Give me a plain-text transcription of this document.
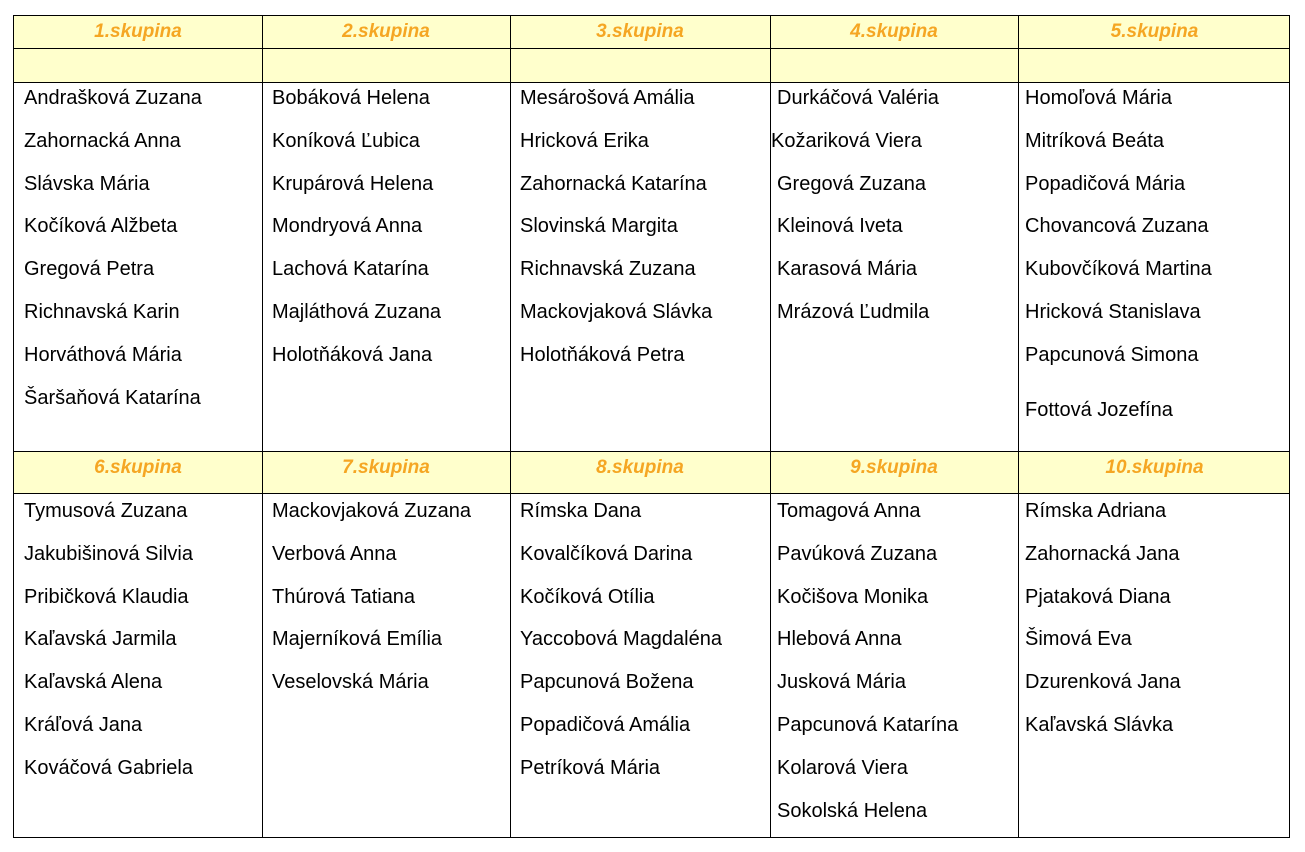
1.skupina
Andrašková Zuzana
Zahornacká Anna
Slávska Mária
Kočíková Alžbeta
Gregová Petra
Richnavská Karin
Horváthová Mária
Šaršaňová Katarína
2.skupina
Bobáková Helena
Koníková Ľubica
Krupárová Helena
Mondryová Anna
Lachová Katarína
Majláthová Zuzana
Holotňáková Jana
3.skupina
Mesárošová Amália
Hricková Erika
Zahornacká Katarína
Slovinská Margita
Richnavská Zuzana
Mackovjaková Slávka
Holotňáková Petra
4.skupina
Durkáčová Valéria
Kožariková Viera
Gregová Zuzana
Kleinová Iveta
Karasová Mária
Mrázová Ľudmila
5.skupina
Homoľová Mária
Mitríková Beáta
Popadičová Mária
Chovancová Zuzana
Kubovčíková Martina
Hricková Stanislava
Papcunová Simona
Fottová Jozefína
6.skupina
Tymusová Zuzana
Jakubišinová Silvia
Pribičková Klaudia
Kaľavská Jarmila
Kaľavská Alena
Kráľová Jana
Kováčová Gabriela
7.skupina
Mackovjaková Zuzana
Verbová Anna
Thúrová Tatiana
Majerníková Emília
Veselovská Mária
8.skupina
Rímska Dana
Kovalčíková Darina
Kočíková Otília
Yaccobová Magdaléna
Papcunová Božena
Popadičová Amália
Petríková Mária
9.skupina
Tomagová Anna
Pavúková Zuzana
Kočišova Monika
Hlebová Anna
Jusková Mária
Papcunová Katarína
Kolarová Viera
Sokolská Helena
10.skupina
Rímska Adriana
Zahornacká Jana
Pjataková Diana
Šimová Eva
Dzurenková Jana
Kaľavská Slávka
